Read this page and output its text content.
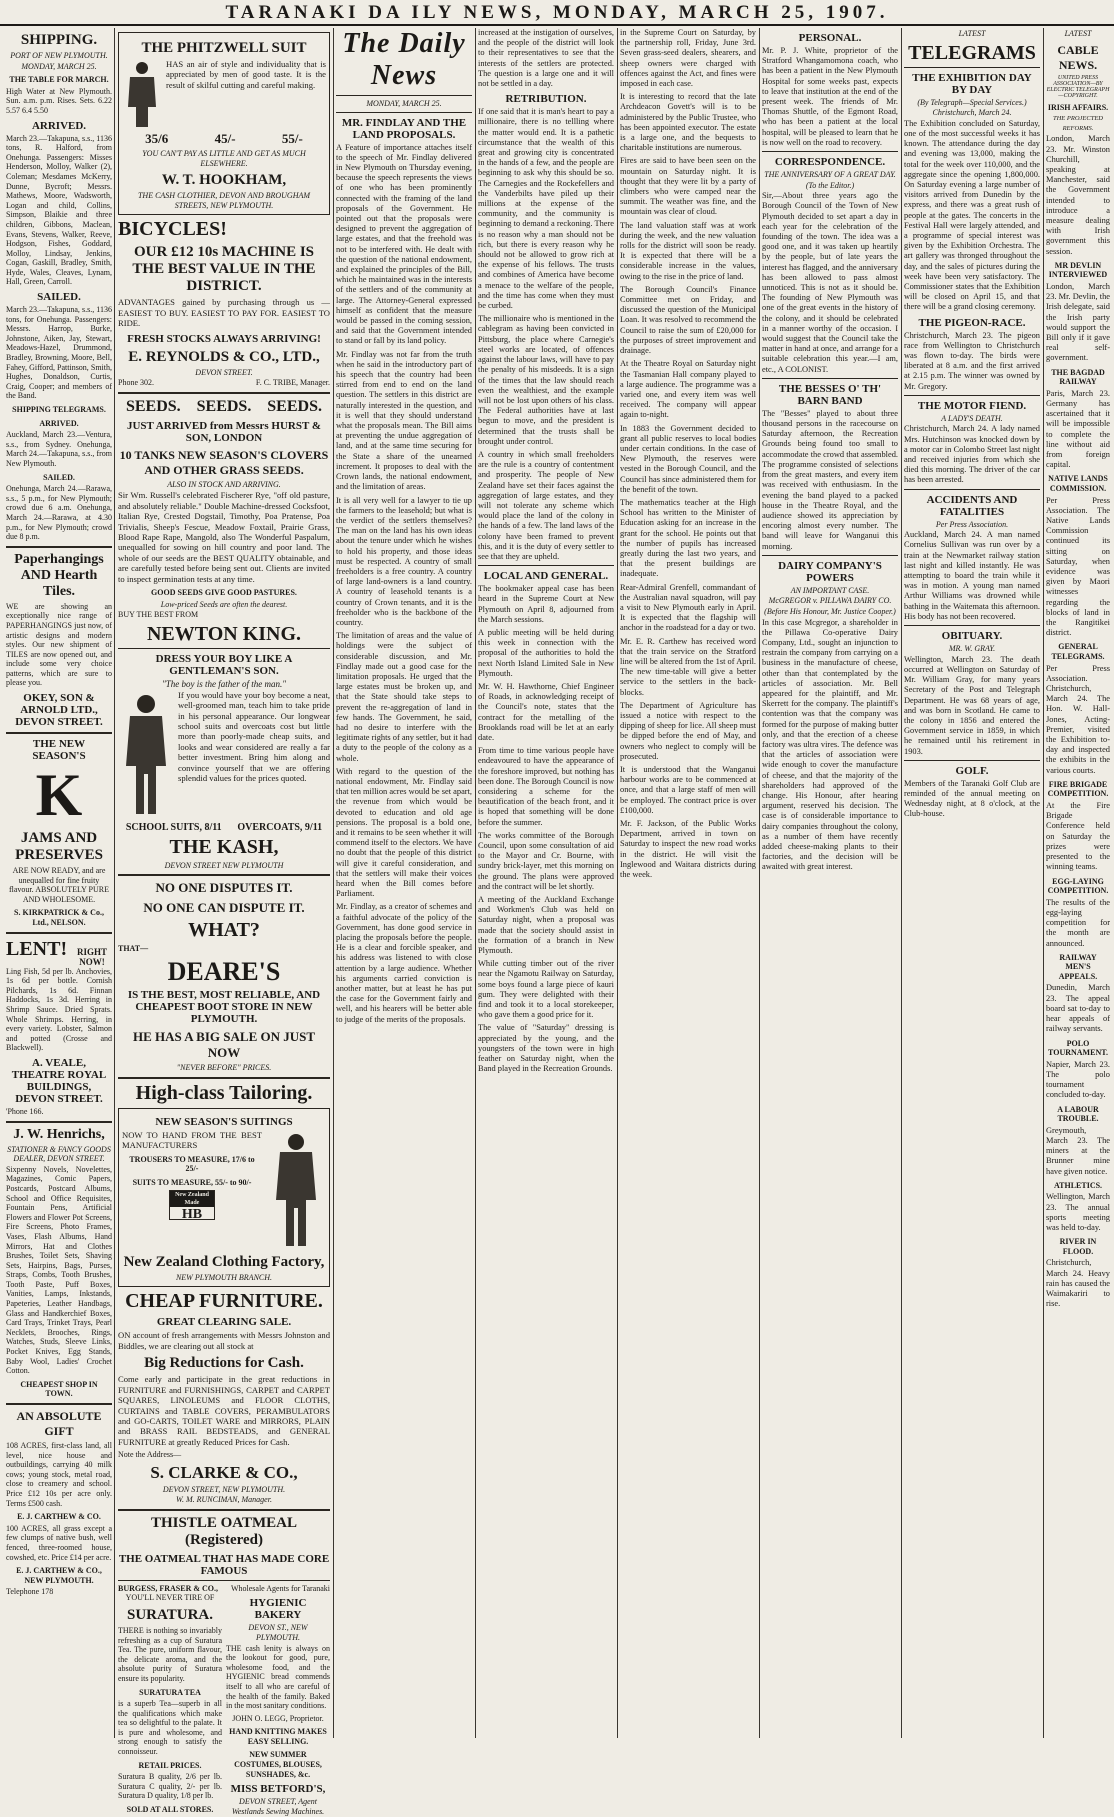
TARANAKI DA ILY NEWS, MONDAY, MARCH 25, 1907.
SHIPPING.
PORT OF NEW PLYMOUTH.
MONDAY, MARCH 25.
THE TABLE FOR MARCH.
High Water at New Plymouth. Sun. a.m. p.m. Rises. Sets. 6.22 5.57 6.4 5.50
ARRIVED.
March 23.—Takapuna, s.s., 1136 tons, R. Halford, from Onehunga. Passengers: Misses Henderson, Molloy, Walker (2), Coleman; Mesdames McKerry, Dunne, Bycroft; Messrs. Mathews, Moore, Wadsworth, Logan and child, Collins, Simpson, Blaikie and three children, Gibbons, Maclean, Evans, Stevens, Walker, Reeve, Hodgson, Fishes, Goddard, Molloy, Lindsay, Jenkins, Cogan, Gaskill, Bradley, Smith, Hyde, Wales, Cleaves, Lynam, Hall, Green, Carroll.
SAILED.
March 23.—Takapuna, s.s., 1136 tons, for Onehunga. Passengers: Messrs. Harrop, Burke, Johnstone, Aiken, Jay, Stewart, Meadows-Hazel, Drummond, Bradley, Browning, Moore, Bell, Fahey, Gifford, Pattinson, Smith, Hughes, Donaldson, Curtis, Craig, Cooper; and members of the Band.
SHIPPING TELEGRAMS.
ARRIVED.
Auckland, March 23.—Ventura, s.s., from Sydney. Onehunga, March 24.—Takapuna, s.s., from New Plymouth.
SAILED.
Onehunga, March 24.—Rarawa, s.s., 5 p.m., for New Plymouth; crowd due 6 a.m. Onehunga, March 24.—Rarawa, at 4.30 p.m., for New Plymouth; crowd due 8 p.m.
Paperhangings AND Hearth Tiles.
WE are showing an exceptionally nice range of PAPERHANGINGS just now, of artistic designs and modern styles. Our new shipment of TILES are now opened out, and include some very choice patterns, which are sure to please you.
OKEY, SON & ARNOLD LTD., DEVON STREET.
THE NEW SEASON'S
K
JAMS AND PRESERVES
ARE NOW READY, and are unequalled for fine fruity flavour. ABSOLUTELY PURE AND WHOLESOME.
S. KIRKPATRICK & Co., Ltd., NELSON.
LENT!	RIGHT NOW!
Ling Fish, 5d per lb. Anchovies, 1s 6d per bottle. Cornish Pilchards, 1s 6d. Finnan Haddocks, 1s 3d. Herring in Shrimp Sauce. Dried Sprats. Whole Shrimps. Herring, in every variety. Lobster, Salmon and potted (Crosse and Blackwell).
A. VEALE, THEATRE ROYAL BUILDINGS, DEVON STREET.
'Phone 166.
J. W. Henrichs,
STATIONER & FANCY GOODS DEALER, DEVON STREET.
Sixpenny Novels, Novelettes, Magazines, Comic Papers, Postcards, Postcard Albums, School and Office Requisites, Fountain Pens, Artificial Flowers and Flower Pot Screens, Fire Screens, Photo Frames, Vases, Flash Albums, Hand Mirrors, Hat and Clothes Brushes, Toilet Sets, Shaving Sets, Hairpins, Bags, Purses, Straps, Combs, Tooth Brushes, Tooth Paste, Puff Boxes, Vanities, Lamps, Inkstands, Papeteries, Leather Handbags, Glass and Handkerchief Boxes, Card Trays, Trinket Trays, Pearl Necklets, Brooches, Rings, Watches, Studs, Sleeve Links, Pocket Knives, Egg Stands, Baby Wool, Ladies' Crochet Cotton.
CHEAPEST SHOP IN TOWN.
AN ABSOLUTE GIFT
108 ACRES, first-class land, all level, nice house and outbuildings, carrying 40 milk cows; young stock, metal road, close to creamery and school. Price £12 10s per acre only. Terms £500 cash.
E. J. CARTHEW & CO.
100 ACRES, all grass except a few clumps of native bush, well fenced, three-roomed house, cowshed, etc. Price £14 per acre.
E. J. CARTHEW & CO., NEW PLYMOUTH.
Telephone 178
THE PHITZWELL SUIT
HAS an air of style and individuality that is appreciated by men of good taste. It is the result of skilful cutting and careful making.
35/6	45/-	55/-
YOU CAN'T PAY AS LITTLE AND GET AS MUCH ELSEWHERE.
W. T. HOOKHAM,
THE CASH CLOTHIER, DEVON AND BROUGHAM STREETS, NEW PLYMOUTH.
BICYCLES!
OUR £12 10s MACHINE IS THE BEST VALUE IN THE DISTRICT.
ADVANTAGES gained by purchasing through us — EASIEST TO BUY. EASIEST TO PAY FOR. EASIEST TO RIDE.
FRESH STOCKS ALWAYS ARRIVING!
E. REYNOLDS & CO., LTD.,
DEVON STREET.
Phone 302.	F. C. TRIBE, Manager.
SEEDS. SEEDS. SEEDS.
JUST ARRIVED from Messrs HURST & SON, LONDON
10 TANKS NEW SEASON'S CLOVERS AND OTHER GRASS SEEDS.
ALSO IN STOCK AND ARRIVING.
Sir Wm. Russell's celebrated Fischerer Rye, "off old pasture, and absolutely reliable." Double Machine-dressed Cocksfoot, Italian Rye, Crested Dogstail, Timothy, Poa Pratense, Poa Trivialis, Sheep's Fescue, Meadow Foxtail, Prairie Grass, Blood Rape Rape, Mangold, also The Wonderful Paspalum, unequalled for sowing on hill country and poor land. The whole of our seeds are the BEST QUALITY obtainable, and are carefully tested before being sent out. Clients are invited to inspect germination tests at any time.
GOOD SEEDS GIVE GOOD PASTURES.
Low-priced Seeds are often the dearest.
BUY THE BEST FROM
NEWTON KING.
DRESS YOUR BOY LIKE A GENTLEMAN'S SON.
"The boy is the father of the man."
If you would have your boy become a neat, well-groomed man, teach him to take pride in his personal appearance. Our longwear school suits and overcoats cost but little more than poorly-made cheap suits, and looks and wear considered are really a far better investment. Bring him along and convince yourself that we are offering splendid values for the prices quoted.
SCHOOL SUITS, 8/11 OVERCOATS, 9/11
THE KASH,
DEVON STREET NEW PLYMOUTH
NO ONE DISPUTES IT.
NO ONE CAN DISPUTE IT.
WHAT?
THAT—
DEARE'S
IS THE BEST, MOST RELIABLE, AND CHEAPEST BOOT STORE IN NEW PLYMOUTH.
HE HAS A BIG SALE ON JUST NOW
"NEVER BEFORE" PRICES.
High-class Tailoring.
NEW SEASON'S SUITINGS
NOW TO HAND FROM THE BEST MANUFACTURERS
TROUSERS TO MEASURE, 17/6 to 25/-
SUITS TO MEASURE, 55/- to 90/-
New Zealand Made
HB
New Zealand Clothing Factory,
NEW PLYMOUTH BRANCH.
CHEAP FURNITURE.
GREAT CLEARING SALE.
ON account of fresh arrangements with Messrs Johnston and Biddles, we are clearing out all stock at
Big Reductions for Cash.
Come early and participate in the great reductions in FURNITURE and FURNISHINGS, CARPET and CARPET SQUARES, LINOLEUMS and FLOOR CLOTHS, CURTAINS and TABLE COVERS, PERAMBULATORS and GO-CARTS, TOILET WARE and MIRRORS, PLAIN and BRASS RAIL BEDSTEADS, and GENERAL FURNITURE at greatly Reduced Prices for Cash.
Note the Address—
S. CLARKE & CO.,
DEVON STREET, NEW PLYMOUTH.
W. M. RUNCIMAN, Manager.
THISTLE OATMEAL (Registered)
THE OATMEAL THAT HAS MADE CORE FAMOUS
BURGESS, FRASER & CO., Wholesale Agents for Taranaki
YOU'LL NEVER TIRE OF
SURATURA.
THERE is nothing so invariably refreshing as a cup of Suratura Tea. The pure, uniform flavour, the delicate aroma, and the absolute purity of Suratura ensure its popularity.
SURATURA TEA
is a superb Tea—superb in all the qualifications which make tea so delightful to the palate. It is pure and wholesome, and strong enough to satisfy the connoisseur.
RETAIL PRICES.
Suratura B quality, 2/6 per lb. Suratura C quality, 2/- per lb. Suratura D quality, 1/8 per lb.
SOLD AT ALL STORES.
HYGIENIC BAKERY
DEVON ST., NEW PLYMOUTH.
THE cash lenity is always on the lookout for good, pure, wholesome food, and the HYGIENIC bread commends itself to all who are careful of the health of the family. Baked in the most sanitary conditions.
JOHN O. LEGG, Proprietor.
HAND KNITTING MAKES EASY SELLING.
NEW SUMMER COSTUMES, BLOUSES, SUNSHADES, &c.
MISS BETFORD'S,
DEVON STREET, Agent Westlands Sewing Machines.
The Daily News
MONDAY, MARCH 25.
MR. FINDLAY AND THE LAND PROPOSALS.
A Feature of importance attaches itself to the speech of Mr. Findlay delivered in New Plymouth on Thursday evening, because the speech represents the views of one who has been prominently connected with the framing of the land proposals of the Government. He pointed out that the proposals were designed to prevent the aggregation of large estates, and that the freehold was not to be interfered with. He dealt with the question of the national endowment, and explained the principles of the Bill, which he maintained was in the interests of the settlers and of the community at large. The Attorney-General expressed himself as confident that the measure would be passed in the coming session, and said that the Government intended to stand or fall by its land policy.
Mr. Findlay was not far from the truth when he said in the introductory part of his speech that the country had been stirred from end to end on the land question. The settlers in this district are naturally interested in the question, and it is well that they should understand what the proposals mean. The Bill aims at preventing the undue aggregation of land, and at the same time securing for the State a share of the unearned increment. It proposes to deal with the Crown lands, the national endowment, and the limitation of areas.
It is all very well for a lawyer to tie up the farmers to the leasehold; but what is the verdict of the settlers themselves? The man on the land has his own ideas about the tenure under which he wishes to hold his property, and those ideas must be respected. A country of small freeholders is a free country. A country of large land-owners is a land country. A country of leasehold tenants is a country of Crown tenants, and it is the freeholder who is the backbone of the country.
The limitation of areas and the value of holdings were the subject of considerable discussion, and Mr. Findlay made out a good case for the limitation proposals. He urged that the large estates must be broken up, and that the State should take steps to prevent the re-aggregation of land in few hands. The Government, he said, had no desire to interfere with the legitimate rights of any settler, but it had a duty to the people of the colony as a whole.
With regard to the question of the national endowment, Mr. Findlay said that ten million acres would be set apart, the revenue from which would be devoted to education and old age pensions. The proposal is a bold one, and it remains to be seen whether it will commend itself to the electors. We have no doubt that the people of this district will give it careful consideration, and that the settlers will make their voices heard when the Bill comes before Parliament.
Mr. Findlay, as a creator of schemes and a faithful advocate of the policy of the Government, has done good service in placing the proposals before the people. He is a clear and forcible speaker, and his address was listened to with close attention by a large audience. Whether his arguments carried conviction is another matter, but at least he has put the case for the Government fairly and well, and his hearers will be better able to judge of the merits of the proposals.
increased at the instigation of ourselves, and the people of the district will look to their representatives to see that the interests of the settlers are protected. The question is a large one and it will not be settled in a day.
RETRIBUTION.
If one said that it is man's heart to pay a millionaire, there is no tellling where the matter would end. It is a pathetic circumstance that the wealth of this great and growing city is concentrated in the hands of a few, and the people are beginning to ask why this should be so. The Carnegies and the Rockefellers and the Vanderbilts have piled up their millions at the expense of the community, and the community is beginning to demand a reckoning. There is no reason why a man should not be rich, but there is every reason why he should not be allowed to grow rich at the expense of his fellows. The trusts and combines of America have become a menace to the welfare of the people, and the time has come when they must be curbed.
The millionaire who is mentioned in the cablegram as having been convicted in Pittsburg, the place where Carnegie's steel works are located, of offences against the labour laws, will have to pay the penalty of his misdeeds. It is a sign of the times that the law should reach even the wealthiest, and the example will not be lost upon others of his class. The Federal authorities have at last begun to move, and the president is determined that the trusts shall be brought under control.
A country in which small freeholders are the rule is a country of contentment and prosperity. The people of New Zealand have set their faces against the aggregation of large estates, and they will not tolerate any scheme which would place the land of the colony in the hands of a few. The land laws of the colony have been framed to prevent this, and it is the duty of every settler to see that they are upheld.
LOCAL AND GENERAL.
The bookmaker appeal case has been heard in the Supreme Court at New Plymouth on April 8, adjourned from the March sessions.
A public meeting will be held during this week in connection with the proposal of the authorities to hold the next North Island Limited Sale in New Plymouth.
Mr. W. H. Hawthorne, Chief Engineer of Roads, in acknowledging receipt of the Council's note, states that the contract for the metalling of the Brooklands road will be let at an early date.
From time to time various people have endeavoured to have the appearance of the foreshore improved, but nothing has been done. The Borough Council is now considering a scheme for the beautification of the beach front, and it is hoped that something will be done before the summer.
The works committee of the Borough Council, upon some consultation of aid to the Mayor and Cr. Bourne, with sundry brick-layer, met this morning on the ground. The plans were approved and the contract will be let shortly.
A meeting of the Auckland Exchange and Workmen's Club was held on Saturday night, when a proposal was made that the society should assist in the formation of a branch in New Plymouth.
While cutting timber out of the river near the Ngamotu Railway on Saturday, some boys found a large piece of kauri gum. They were delighted with their find and took it to a local storekeeper, who gave them a good price for it.
The value of "Saturday" dressing is appreciated by the young, and the youngsters of the town were in high feather on Saturday night, when the Band played in the Recreation Grounds.
in the Supreme Court on Saturday, by the partnership roll, Friday, June 3rd. Seven grass-seed dealers, shearers, and sheep owners were charged with offences against the Act, and fines were imposed in each case.
It is interesting to record that the late Archdeacon Govett's will is to be administered by the Public Trustee, who has been appointed executor. The estate is a large one, and the bequests to charitable institutions are numerous.
Fires are said to have been seen on the mountain on Saturday night. It is thought that they were lit by a party of climbers who were camped near the summit. The weather was fine, and the mountain was clear of cloud.
The land valuation staff was at work during the week, and the new valuation rolls for the district will soon be ready. It is expected that there will be a considerable increase in the values, owing to the rise in the price of land.
The Borough Council's Finance Committee met on Friday, and discussed the question of the Municipal Loan. It was resolved to recommend the Council to raise the sum of £20,000 for the purposes of street improvement and drainage.
At the Theatre Royal on Saturday night the Tasmanian Hall company played to a large audience. The programme was a varied one, and every item was well received. The company will appear again to-night.
In 1883 the Government decided to grant all public reserves to local bodies under certain conditions. In the case of New Plymouth, the reserves were vested in the Borough Council, and the Council has since administered them for the benefit of the town.
The mathematics teacher at the High School has written to the Minister of Education asking for an increase in the grant for the school. He points out that the number of pupils has increased greatly during the last two years, and that the present buildings are inadequate.
Rear-Admiral Grenfell, commandant of the Australian naval squadron, will pay a visit to New Plymouth early in April. It is expected that the flagship will anchor in the roadstead for a day or two.
Mr. E. R. Carthew has received word that the train service on the Stratford line will be altered from the 1st of April. The new time-table will give a better service to the settlers in the back-blocks.
The Department of Agriculture has issued a notice with respect to the dipping of sheep for lice. All sheep must be dipped before the end of May, and owners who neglect to comply will be prosecuted.
It is understood that the Wanganui harbour works are to be commenced at once, and that a large staff of men will be employed. The contract price is over £100,000.
Mr. F. Jackson, of the Public Works Department, arrived in town on Saturday to inspect the new road works in the district. He will visit the Inglewood and Waitara districts during the week.
PERSONAL.
Mr. P. J. White, proprietor of the Stratford Whangamomona coach, who has been a patient in the New Plymouth Hospital for some weeks past, expects to leave that institution at the end of the present week. The friends of Mr. Thomas Shuttle, of the Egmont Road, who has been a patient at the local hospital, will be pleased to learn that he is now well on the road to recovery.
CORRESPONDENCE.
THE ANNIVERSARY OF A GREAT DAY.
(To the Editor.)
Sir,—About three years ago the Borough Council of the Town of New Plymouth decided to set apart a day in each year for the celebration of the founding of the town. The idea was a good one, and it was taken up heartily by the people, but of late years the interest has flagged, and the anniversary has been allowed to pass almost unnoticed. This is not as it should be. The founding of New Plymouth was one of the great events in the history of the colony, and it should be celebrated in a manner worthy of the occasion. I would suggest that the Council take the matter in hand at once, and arrange for a suitable celebration this year.—I am, etc., A COLONIST.
THE BESSES O' TH' BARN BAND
The "Besses" played to about three thousand persons in the racecourse on Saturday afternoon, the Recreation Grounds being found too small to accommodate the crowd that assembled. The programme consisted of selections from the great masters, and every item was received with enthusiasm. In the evening the band played to a packed house in the Theatre Royal, and the audience showed its appreciation by encoring almost every number. The band will leave for Wanganui this morning.
DAIRY COMPANY'S POWERS
AN IMPORTANT CASE.
McGREGOR v. PILLAWA DAIRY CO.
(Before His Honour, Mr. Justice Cooper.)
In this case Mcgregor, a shareholder in the Pillawa Co-operative Dairy Company, Ltd., sought an injunction to restrain the company from carrying on a business in the manufacture of cheese, other than that contemplated by the articles of association. Mr. Bell appeared for the plaintiff, and Mr. Skerrett for the company. The plaintiff's contention was that the company was formed for the purpose of making butter only, and that the erection of a cheese factory was ultra vires. The defence was that the articles of association were wide enough to cover the manufacture of cheese, and that the majority of the shareholders had approved of the change. His Honour, after hearing argument, reserved his decision. The case is of considerable importance to dairy companies throughout the colony, as a number of them have recently added cheese-making plants to their factories, and the decision will be awaited with great interest.
LATEST
TELEGRAMS
THE EXHIBITION DAY BY DAY
(By Telegraph—Special Services.)
Christchurch, March 24.
The Exhibition concluded on Saturday, one of the most successful weeks it has known. The attendance during the day and evening was 13,000, making the total for the week over 110,000, and the aggregate since the opening 1,800,000. On Saturday evening a large number of visitors arrived from Dunedin by the express, and there was a great rush of people at the gates. The concerts in the Festival Hall were largely attended, and a programme of special interest was given by the Exhibition Orchestra. The art gallery was thronged throughout the day, and the sales of pictures during the week have been very satisfactory. The Commissioner states that the Exhibition will be closed on April 15, and that there will be a grand closing ceremony.
THE PIGEON-RACE.
Christchurch, March 23. The pigeon race from Wellington to Christchurch was flown to-day. The birds were liberated at 8 a.m. and the first arrived at 2.15 p.m. The winner was owned by Mr. Gregory.
THE MOTOR FIEND.
A LADY'S DEATH.
Christchurch, March 24. A lady named Mrs. Hutchinson was knocked down by a motor car in Colombo Street last night and received injuries from which she died this morning. The driver of the car has been arrested.
ACCIDENTS AND FATALITIES
Per Press Association.
Auckland, March 24. A man named Cornelius Sullivan was run over by a train at the Newmarket railway station last night and killed instantly. He was attempting to board the train while it was in motion. A young man named Arthur Williams was drowned while bathing in the Waitemata this afternoon. His body has not been recovered.
OBITUARY.
MR. W. GRAY.
Wellington, March 23. The death occurred at Wellington on Saturday of Mr. William Gray, for many years Secretary of the Post and Telegraph Department. He was 68 years of age, and was born in Scotland. He came to the colony in 1856 and entered the Government service in 1859, in which he remained until his retirement in 1903.
GOLF.
Members of the Taranaki Golf Club are reminded of the annual meeting on Wednesday night, at 8 o'clock, at the Club-house.
LATEST
CABLE NEWS.
UNITED PRESS ASSOCIATION—BY ELECTRIC TELEGRAPH—COPYRIGHT.
IRISH AFFAIRS.
THE PROJECTED REFORMS.
London, March 23. Mr. Winston Churchill, speaking at Manchester, said the Government intended to introduce a measure dealing with Irish government this session.
MR DEVLIN INTERVIEWED
London, March 23. Mr. Devlin, the Irish delegate, said the Irish party would support the Bill only if it gave real self-government.
THE BAGDAD RAILWAY
Paris, March 23. Germany has ascertained that it will be impossible to complete the line without aid from foreign capital.
NATIVE LANDS COMMISSION.
Per Press Association. The Native Lands Commission continued its sitting on Saturday, when evidence was given by Maori witnesses regarding the blocks of land in the Rangitikei district.
GENERAL TELEGRAMS.
Per Press Association. Christchurch, March 24. The Hon. W. Hall-Jones, Acting-Premier, visited the Exhibition to-day and inspected the exhibits in the various courts.
FIRE BRIGADE COMPETITION.
At the Fire Brigade Conference held on Saturday the prizes were presented to the winning teams.
EGG-LAYING COMPETITION.
The results of the egg-laying competition for the month are announced.
RAILWAY MEN'S APPEALS.
Dunedin, March 23. The appeal board sat to-day to hear appeals of railway servants.
POLO TOURNAMENT.
Napier, March 23. The polo tournament concluded to-day.
A LABOUR TROUBLE.
Greymouth, March 23. The miners at the Brunner mine have given notice.
ATHLETICS.
Wellington, March 23. The annual sports meeting was held to-day.
RIVER IN FLOOD.
Christchurch, March 24. Heavy rain has caused the Waimakariri to rise.
